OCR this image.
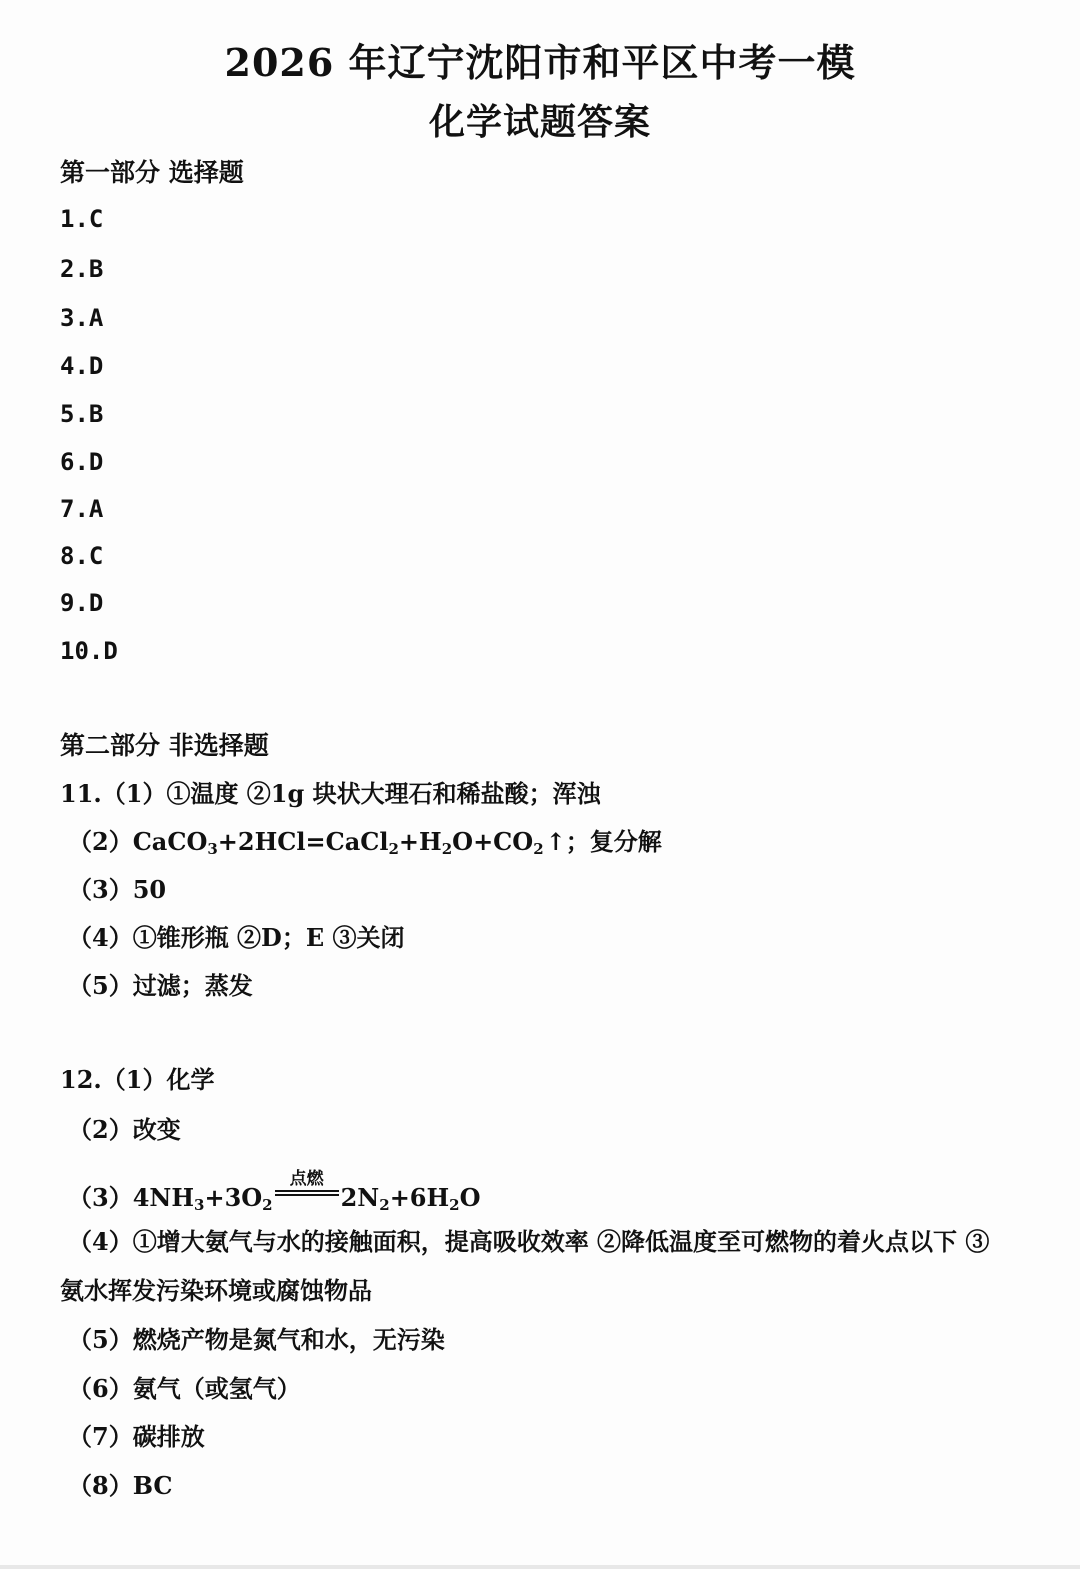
2026 年辽宁沈阳市和平区中考一模
化学试题答案
第一部分 选择题
1.C
2.B
3.A
4.D
5.B
6.D
7.A
8.C
9.D
10.D
第二部分 非选择题
11.（1）①温度 ②1g 块状大理石和稀盐酸；浑浊
$(2)CaCO_3+2HCl=CaCl_2+H_2O+CO_2↑$；复分解
（3）50
（4）①锥形瓶 ②D；E ③关闭
（5）过滤；蒸发
12.（1）化学
（2）改变
$(3)4NH_3+3O_2$
点燃
$2N_2+6H_2O$
（4）①增大氨气与水的接触面积，提高吸收效率 ②降低温度至可燃物的着火点以下 ③
氨水挥发污染环境或腐蚀物品
（5）燃烧产物是氮气和水，无污染
（6）氨气（或氢气）
（7）碳排放
（8）BC
